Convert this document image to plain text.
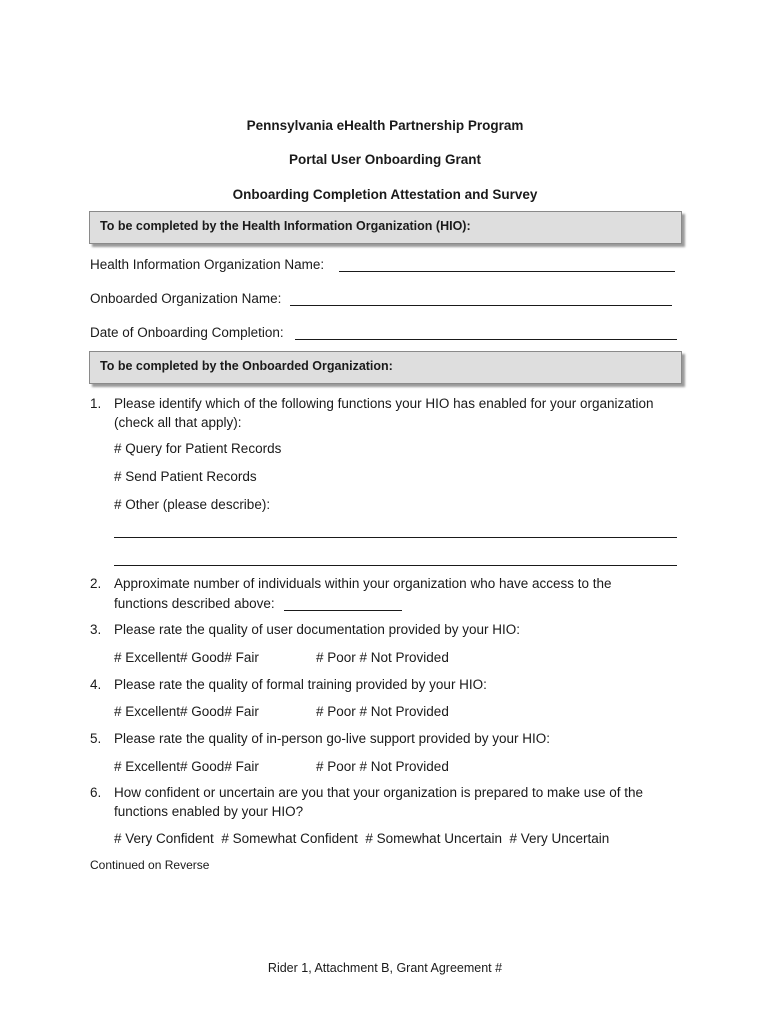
Pennsylvania eHealth Partnership Program
Portal User Onboarding Grant
Onboarding Completion Attestation and Survey
To be completed by the Health Information Organization (HIO):
Health Information Organization Name:
Onboarded Organization Name:
Date of Onboarding Completion:
To be completed by the Onboarded Organization:
1. Please identify which of the following functions your HIO has enabled for your organization
(check all that apply):
# Query for Patient Records
# Send Patient Records
# Other (please describe):
2. Approximate number of individuals within your organization who have access to the
functions described above:
3. Please rate the quality of user documentation provided by your HIO:
# Excellent# Good# Fair	# Poor # Not Provided
4. Please rate the quality of formal training provided by your HIO:
# Excellent# Good# Fair	# Poor # Not Provided
5. Please rate the quality of in-person go-live support provided by your HIO:
# Excellent# Good# Fair	# Poor # Not Provided
6. How confident or uncertain are you that your organization is prepared to make use of the
functions enabled by your HIO?
# Very Confident  # Somewhat Confident  # Somewhat Uncertain  # Very Uncertain
Continued on Reverse
Rider 1, Attachment B, Grant Agreement #
